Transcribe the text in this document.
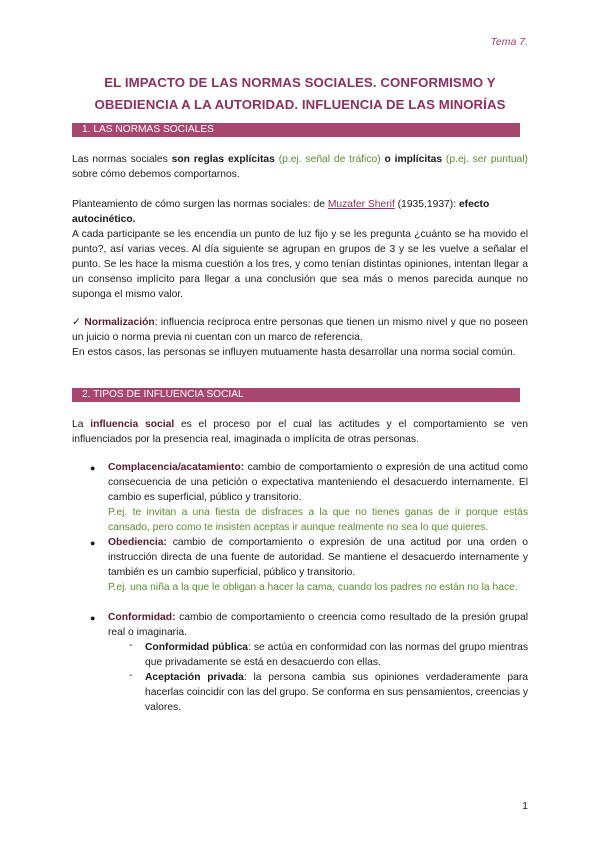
Tema 7.
EL IMPACTO DE LAS NORMAS SOCIALES. CONFORMISMO Y
OBEDIENCIA A LA AUTORIDAD. INFLUENCIA DE LAS MINORÍAS
1. LAS NORMAS SOCIALES
Las normas sociales son reglas explícitas (p.ej. señal de tráfico) o implícitas (p.ej. ser puntual) sobre cómo debemos comportarnos.
Planteamiento de cómo surgen las normas sociales: de Muzafer Sherif (1935,1937): efecto autocinético.
A cada participante se les encendía un punto de luz fijo y se les pregunta ¿cuánto se ha movido el punto?, así varias veces. Al día siguiente se agrupan en grupos de 3 y se les vuelve a señalar el punto. Se les hace la misma cuestión a los tres, y como tenían distintas opiniones, intentan llegar a un consenso implícito para llegar a una conclusión que sea más o menos parecida aunque no suponga el mismo valor.
✓ Normalización: influencia recíproca entre personas que tienen un mismo nivel y que no poseen un juicio o norma previa ni cuentan con un marco de referencia.
En estos casos, las personas se influyen mutuamente hasta desarrollar una norma social común.
2. TIPOS DE INFLUENCIA SOCIAL
La influencia social es el proceso por el cual las actitudes y el comportamiento se ven influenciados por la presencia real, imaginada o implícita de otras personas.
● Complacencia/acatamiento: cambio de comportamiento o expresión de una actitud como consecuencia de una petición o expectativa manteniendo el desacuerdo internamente. El cambio es superficial, público y transitorio.
P.ej. te invitan a una fiesta de disfraces a la que no tienes ganas de ir porque estás cansado, pero como te insisten aceptas ir aunque realmente no sea lo que quieres.
● Obediencia: cambio de comportamiento o expresión de una actitud por una orden o instrucción directa de una fuente de autoridad. Se mantiene el desacuerdo internamente y también es un cambio superficial, público y transitorio.
P.ej. una niña a la que le obligan a hacer la cama, cuando los padres no están no la hace.
● Conformidad: cambio de comportamiento o creencia como resultado de la presión grupal real o imaginaria.
- Conformidad pública: se actúa en conformidad con las normas del grupo mientras que privadamente se está en desacuerdo con ellas.
- Aceptación privada: la persona cambia sus opiniones verdaderamente para hacerlas coincidir con las del grupo. Se conforma en sus pensamientos, creencias y valores.
1
